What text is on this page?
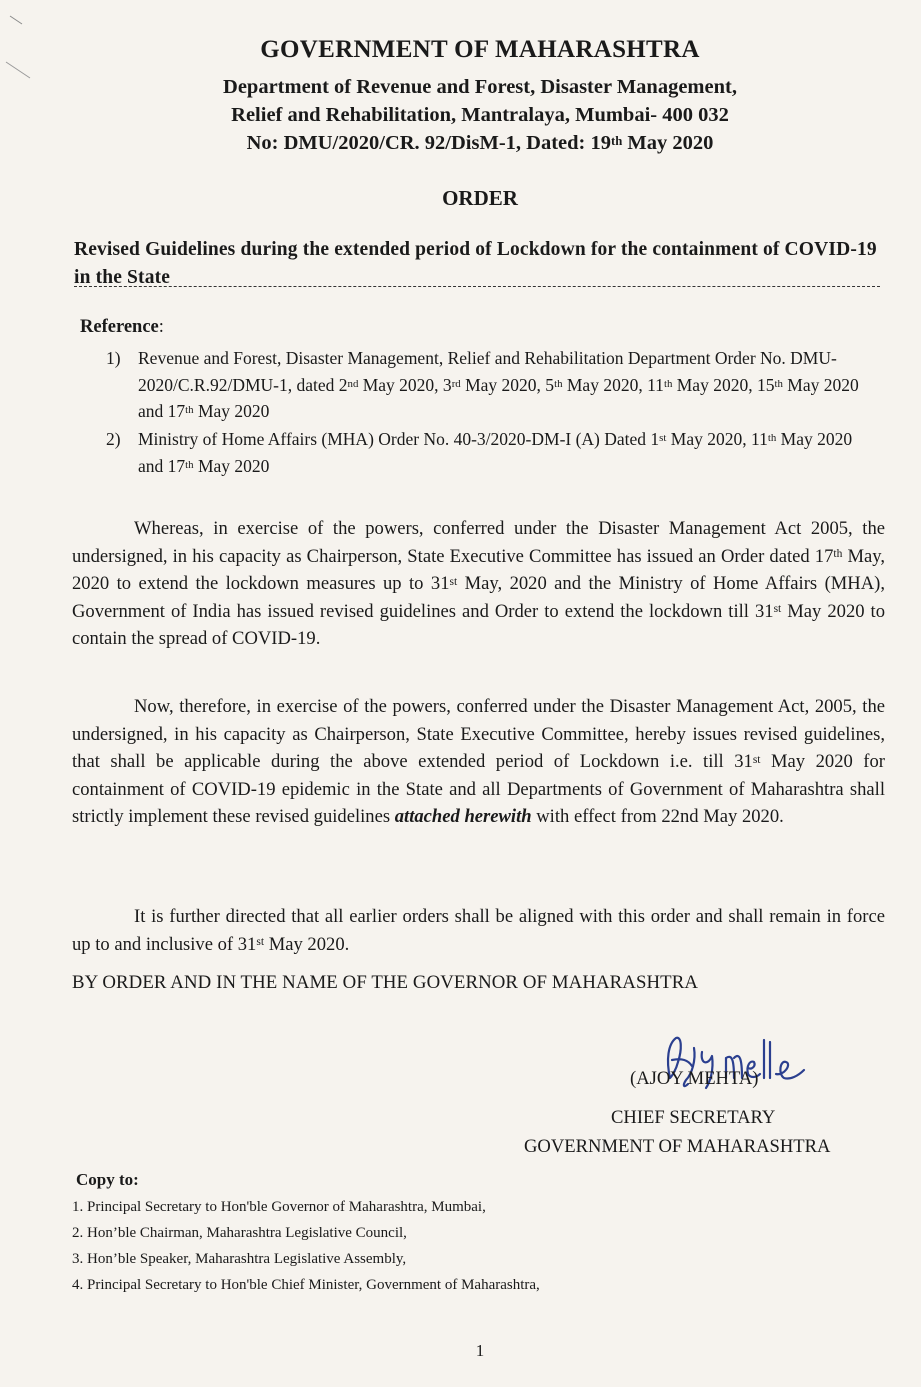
GOVERNMENT OF MAHARASHTRA
Department of Revenue and Forest, Disaster Management,
Relief and Rehabilitation, Mantralaya, Mumbai- 400 032
No: DMU/2020/CR. 92/DisM-1, Dated: 19th May 2020
ORDER
Revised Guidelines during the extended period of Lockdown for the containment of COVID-19 in the State
Reference:
1) Revenue and Forest, Disaster Management, Relief and Rehabilitation Department Order No. DMU-2020/C.R.92/DMU-1, dated 2nd May 2020, 3rd May 2020, 5th May 2020, 11th May 2020, 15th May 2020 and 17th May 2020
2) Ministry of Home Affairs (MHA) Order No. 40-3/2020-DM-I (A) Dated 1st May 2020, 11th May 2020 and 17th May 2020
Whereas, in exercise of the powers, conferred under the Disaster Management Act 2005, the undersigned, in his capacity as Chairperson, State Executive Committee has issued an Order dated 17th May, 2020 to extend the lockdown measures up to 31st May, 2020 and the Ministry of Home Affairs (MHA), Government of India has issued revised guidelines and Order to extend the lockdown till 31st May 2020 to contain the spread of COVID-19.
Now, therefore, in exercise of the powers, conferred under the Disaster Management Act, 2005, the undersigned, in his capacity as Chairperson, State Executive Committee, hereby issues revised guidelines, that shall be applicable during the above extended period of Lockdown i.e. till 31st May 2020 for containment of COVID-19 epidemic in the State and all Departments of Government of Maharashtra shall strictly implement these revised guidelines attached herewith with effect from 22nd May 2020.
It is further directed that all earlier orders shall be aligned with this order and shall remain in force up to and inclusive of 31st May 2020.
BY ORDER AND IN THE NAME OF THE GOVERNOR OF MAHARASHTRA
(AJOY MEHTA)
CHIEF SECRETARY
GOVERNMENT OF MAHARASHTRA
Copy to:
1. Principal Secretary to Hon'ble Governor of Maharashtra, Mumbai,
2. Hon’ble Chairman, Maharashtra Legislative Council,
3. Hon’ble Speaker, Maharashtra Legislative Assembly,
4. Principal Secretary to Hon'ble Chief Minister, Government of Maharashtra,
1
